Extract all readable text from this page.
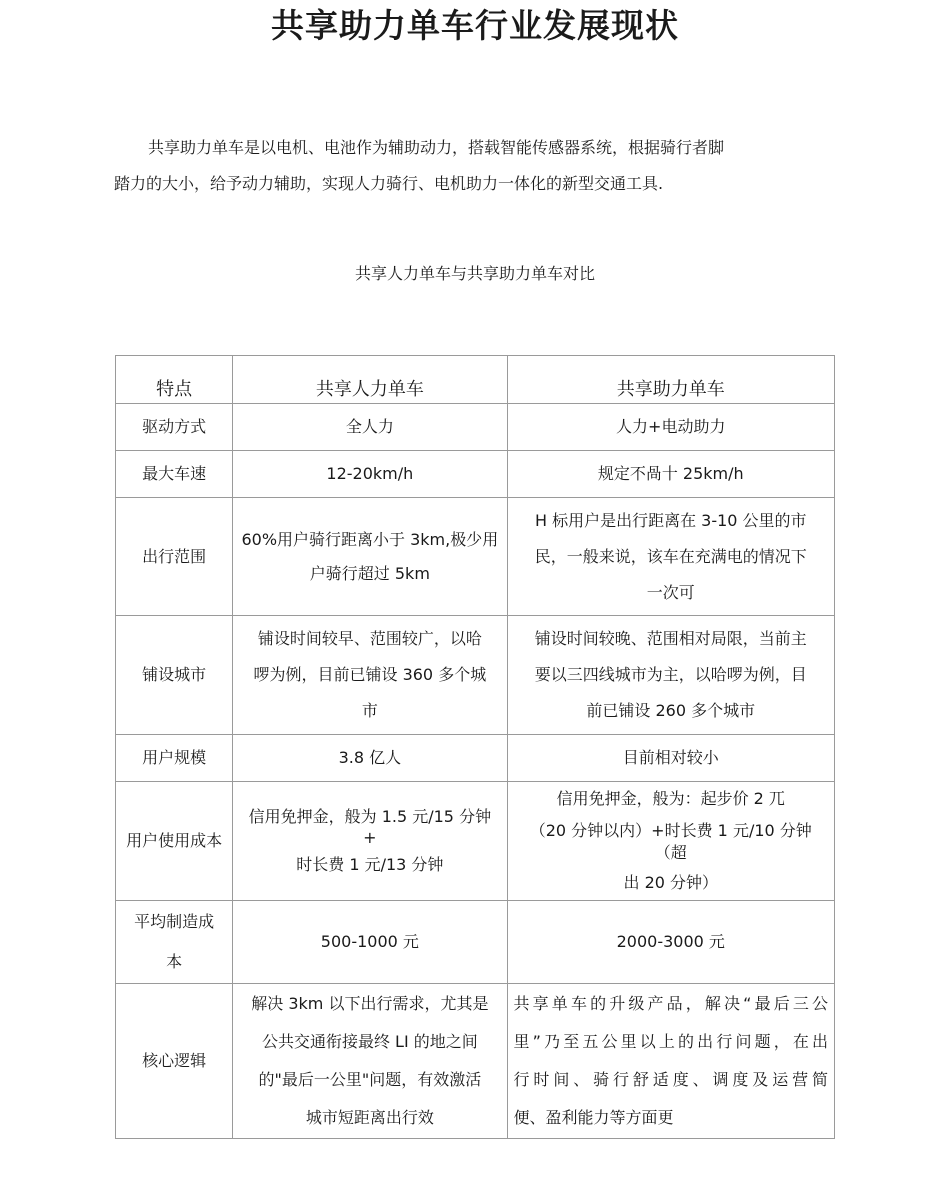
共享助力单车行业发展现状
共享助力单车是以电机、电池作为辅助动力，搭载智能传感器系统，根据骑行者脚
踏力的大小，给予动力辅助，实现人力骑行、电机助力一体化的新型交通工具.
共享人力单车与共享助力单车对比
特点	共享人力单车	共享助力单车
驱动方式	全人力	人力+电动助力
最大车速	12-20km/h	规定不咼十 25km/h
出行范围	60%用户骑行距离小于 3km,极少用
户骑行超过 5km	H 标用户是出行距离在 3-10 公里的市
民，一般来说，该车在充满电的情况下
一次可

铺设城市	铺设时间较早、范围较广，以哈
啰为例，目前已铺设 360 多个城
市	铺设时间较晚、范围相对局限，当前主
要以三四线城市为主，以哈啰为例，目
前已铺设 260 多个城市

用户规模	3.8 亿人	目前相对较小
用户使用成本	信用免押金，般为 1.5 元/15 分钟
+
时长费 1 元/13 分钟	信用免押金，般为：起步价 2 兀
（20 分钟以内）+时长费 1 元/10 分钟
（超
出 20 分钟）

平均制造成
本	500-1000 元	2000-3000 元
核心逻辑	解决 3km 以下出行需求，尤其是
公共交通衔接最终 LI 的地之间
的"最后一公里"问题，有效激活
城市短距离出行效	共享单车的升级产品，解决“最后三公
里”乃至五公里以上的出行问题，在出
行时间、骑行舒适度、调度及运营简
便、盈利能力等方面更
